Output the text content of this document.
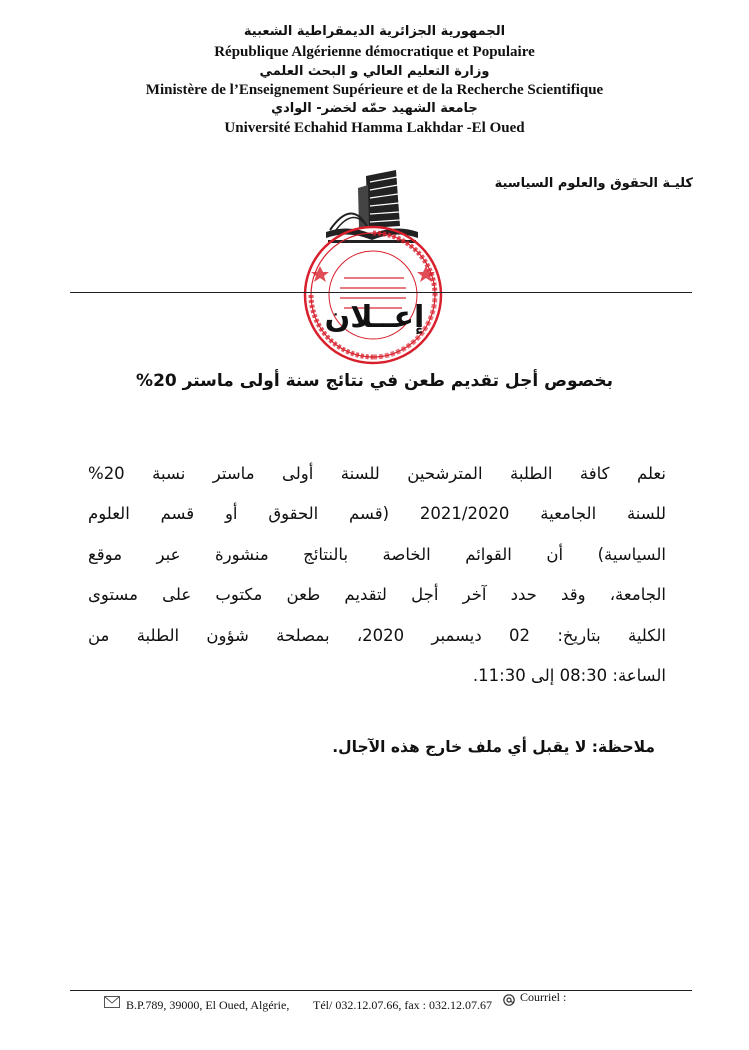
الجمهورية الجزائرية الديمقراطية الشعبية
République Algérienne démocratique et Populaire
وزارة التعليم العالي و البحث العلمي
Ministère de l’Enseignement Supérieure et de la Recherche Scientifique
جامعة الشهيد حمّه لخضر- الوادي
Université Echahid Hamma Lakhdar -El Oued
كليـة الحقوق والعلوم السياسية
إعــلان
بخصوص أجل تقديم طعن في نتائج سنة أولى ماستر 20%
نعلم كافة الطلبة المترشحين للسنة أولى ماستر نسبة 20%
للسنة الجامعية 2021/2020 (قسم الحقوق أو قسم العلوم
السياسية) أن القوائم الخاصة بالنتائج منشورة عبر موقع
الجامعة، وقد حدد آخر أجل لتقديم طعن مكتوب على مستوى
الكلية بتاريخ: 02 ديسمبر 2020، بمصلحة شؤون الطلبة من
الساعة: 08:30 إلى 11:30.
ملاحظة: لا يقبل أي ملف خارج هذه الآجال.
B.P.789, 39000, El Oued, Algérie, Tél/ 032.12.07.66, fax : 032.12.07.67
Courriel :
